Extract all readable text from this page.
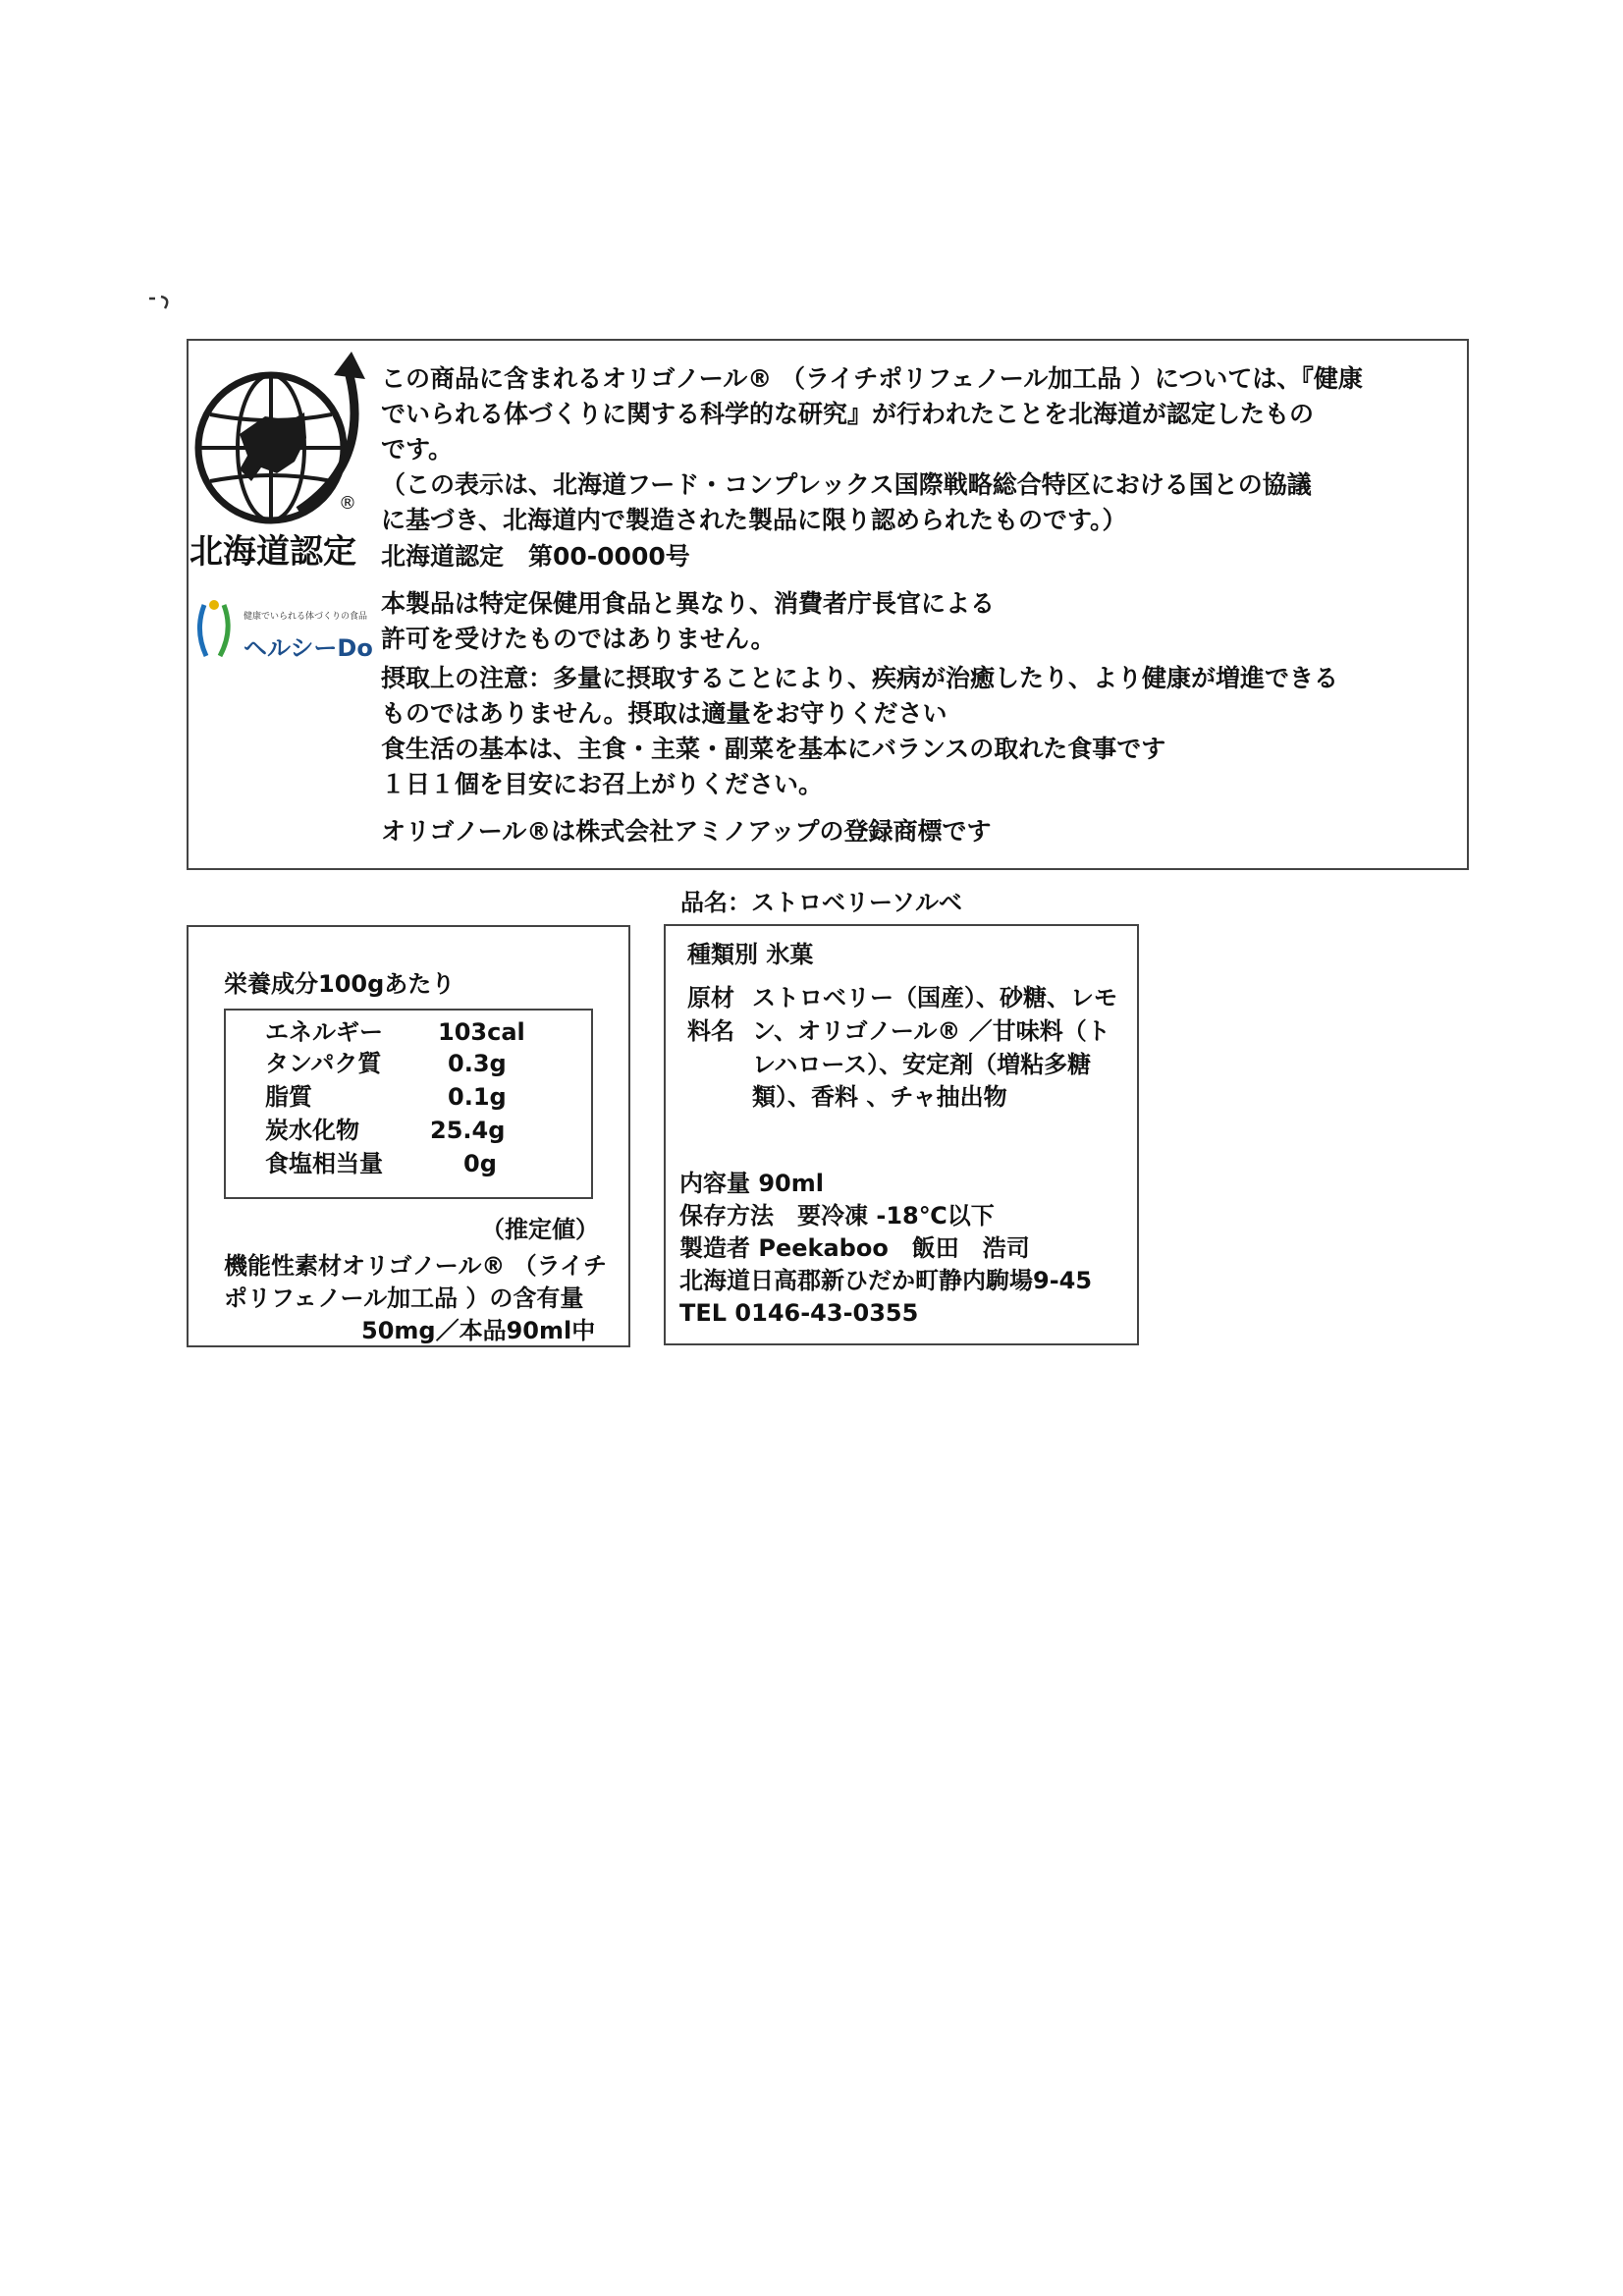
®
北海道認定
健康でいられる体づくりの食品
ヘルシーDo
この商品に含まれるオリゴノール® （ライチポリフェノール加工品 ）については、『健康
でいられる体づくりに関する科学的な研究』が行われたことを北海道が認定したもの
です。
（この表示は、北海道フード・コンプレックス国際戦略総合特区における国との協議
に基づき、北海道内で製造された製品に限り認められたものです。）
北海道認定　第00-0000号
本製品は特定保健用食品と異なり、消費者庁長官による
許可を受けたものではありません。
摂取上の注意：多量に摂取することにより、疾病が治癒したり、より健康が増進できる
ものではありません。摂取は適量をお守りください
食生活の基本は、主食・主菜・副菜を基本にバランスの取れた食事です
１日１個を目安にお召上がりください。
オリゴノール®は株式会社アミノアップの登録商標です
品名：ストロベリーソルベ
栄養成分100gあたり
エネルギー 103cal
タンパク質	0.3g
脂質	0.1g
炭水化物	25.4g
食塩相当量	0g
（推定値）
機能性素材オリゴノール® （ライチ
ポリフェノール加工品 ）の含有量
50mg／本品90ml中
種類別 氷菓
原材
料名
ストロベリー（国産）、砂糖、レモ
ン、オリゴノール® ／甘味料（ト
レハロース）、安定剤（増粘多糖
類）、香料 、チャ抽出物
内容量 90ml
保存方法　要冷凍 -18℃以下
製造者 Peekaboo　飯田　浩司
北海道日高郡新ひだか町静内駒場9-45
TEL 0146-43-0355
